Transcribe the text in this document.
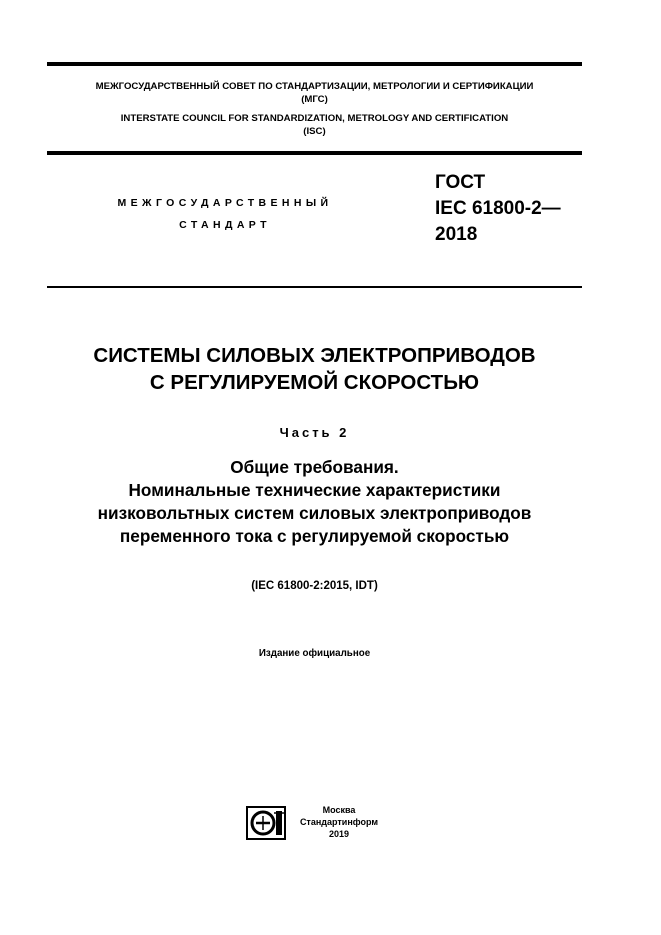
МЕЖГОСУДАРСТВЕННЫЙ СОВЕТ ПО СТАНДАРТИЗАЦИИ, МЕТРОЛОГИИ И СЕРТИФИКАЦИИ
(МГС)
INTERSTATE COUNCIL FOR STANDARDIZATION, METROLOGY AND CERTIFICATION
(ISC)
МЕЖГОСУДАРСТВЕННЫЙ
СТАНДАРТ
ГОСТ
IEC 61800-2—
2018
СИСТЕМЫ СИЛОВЫХ ЭЛЕКТРОПРИВОДОВ
С РЕГУЛИРУЕМОЙ СКОРОСТЬЮ
Часть 2
Общие требования.
Номинальные технические характеристики
низковольтных систем силовых электроприводов
переменного тока с регулируемой скоростью
(IEC 61800-2:2015, IDT)
Издание официальное
Москва
Стандартинформ
2019
